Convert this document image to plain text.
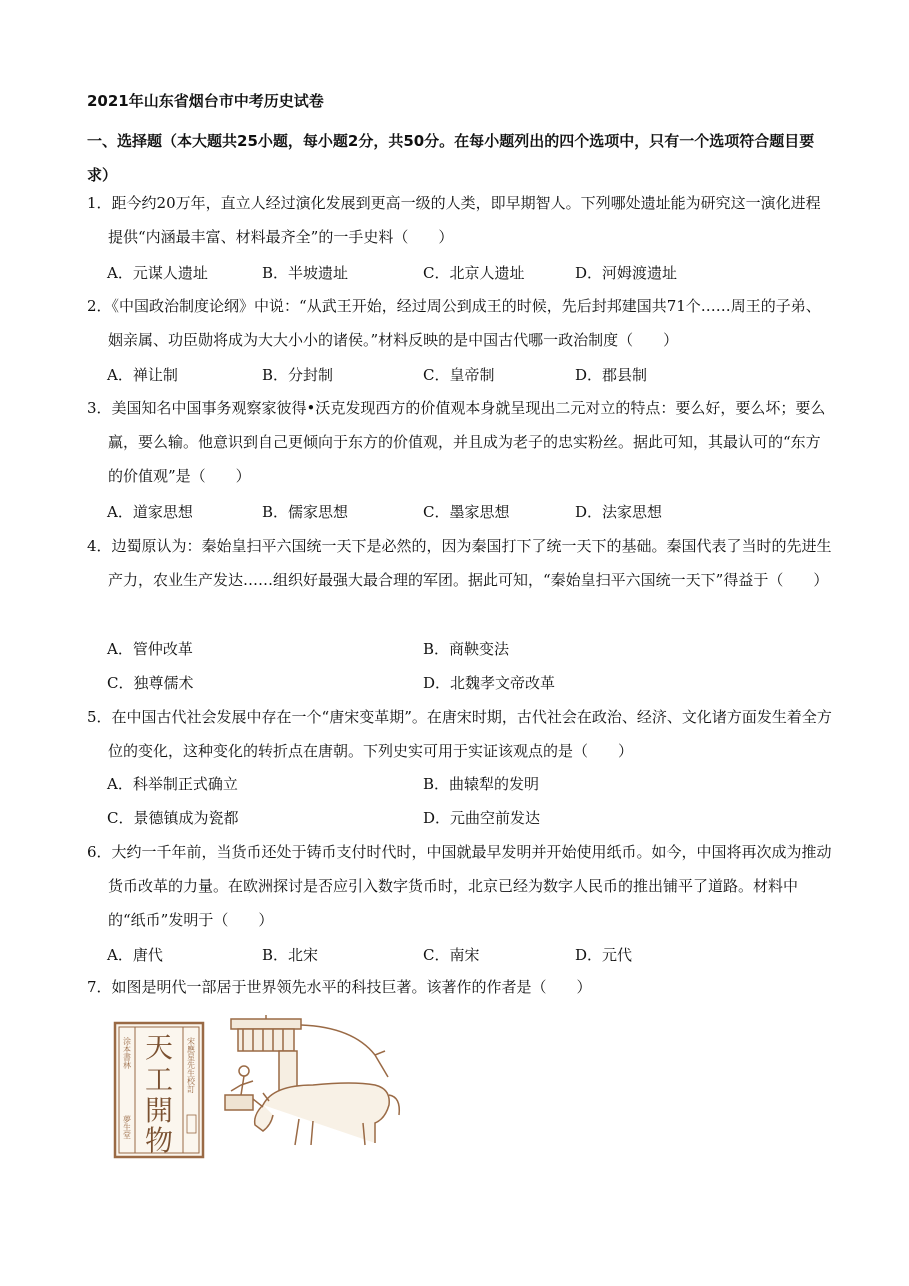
2021年山东省烟台市中考历史试卷
一、选择题（本大题共25小题，每小题2分，共50分。在每小题列出的四个选项中，只有一个选项符合题目要求）
1．距今约20万年，直立人经过演化发展到更高一级的人类，即早期智人。下列哪处遗址能为研究这一演化进程提供“内涵最丰富、材料最齐全”的一手史料（　　）
A．元谋人遗址	B．半坡遗址	C．北京人遗址	D．河姆渡遗址
2．《中国政治制度论纲》中说：“从武王开始，经过周公到成王的时候，先后封邦建国共71个……周王的子弟、姻亲属、功臣勋将成为大大小小的诸侯。”材料反映的是中国古代哪一政治制度（　　）
A．禅让制	B．分封制	C．皇帝制	D．郡县制
3．美国知名中国事务观察家彼得•沃克发现西方的价值观本身就呈现出二元对立的特点：要么好，要么坏；要么赢，要么输。他意识到自己更倾向于东方的价值观，并且成为老子的忠实粉丝。据此可知，其最认可的“东方的价值观”是（　　）
A．道家思想	B．儒家思想	C．墨家思想	D．法家思想
4．边蜀原认为：秦始皇扫平六国统一天下是必然的，因为秦国打下了统一天下的基础。秦国代表了当时的先进生产力，农业生产发达……组织好最强大最合理的军团。据此可知，“秦始皇扫平六国统一天下”得益于（　　）
A．管仲改革	B．商鞅变法
C．独尊儒术	D．北魏孝文帝改革
5．在中国古代社会发展中存在一个“唐宋变革期”。在唐宋时期，古代社会在政治、经济、文化诸方面发生着全方位的变化，这种变化的转折点在唐朝。下列史实可用于实证该观点的是（　　）
A．科举制正式确立	B．曲辕犁的发明
C．景德镇成为瓷都	D．元曲空前发达
6．大约一千年前，当货币还处于铸币支付时代时，中国就最早发明并开始使用纸币。如今，中国将再次成为推动货币改革的力量。在欧洲探讨是否应引入数字货币时，北京已经为数字人民币的推出铺平了道路。材料中的“纸币”发明于（　　）
A．唐代	B．北宋	C．南宋	D．元代
7．如图是明代一部居于世界领先水平的科技巨著。该著作的作者是（　　）
天
工
開
物
涂本書林
夢生堂
宋應星先生校訂
